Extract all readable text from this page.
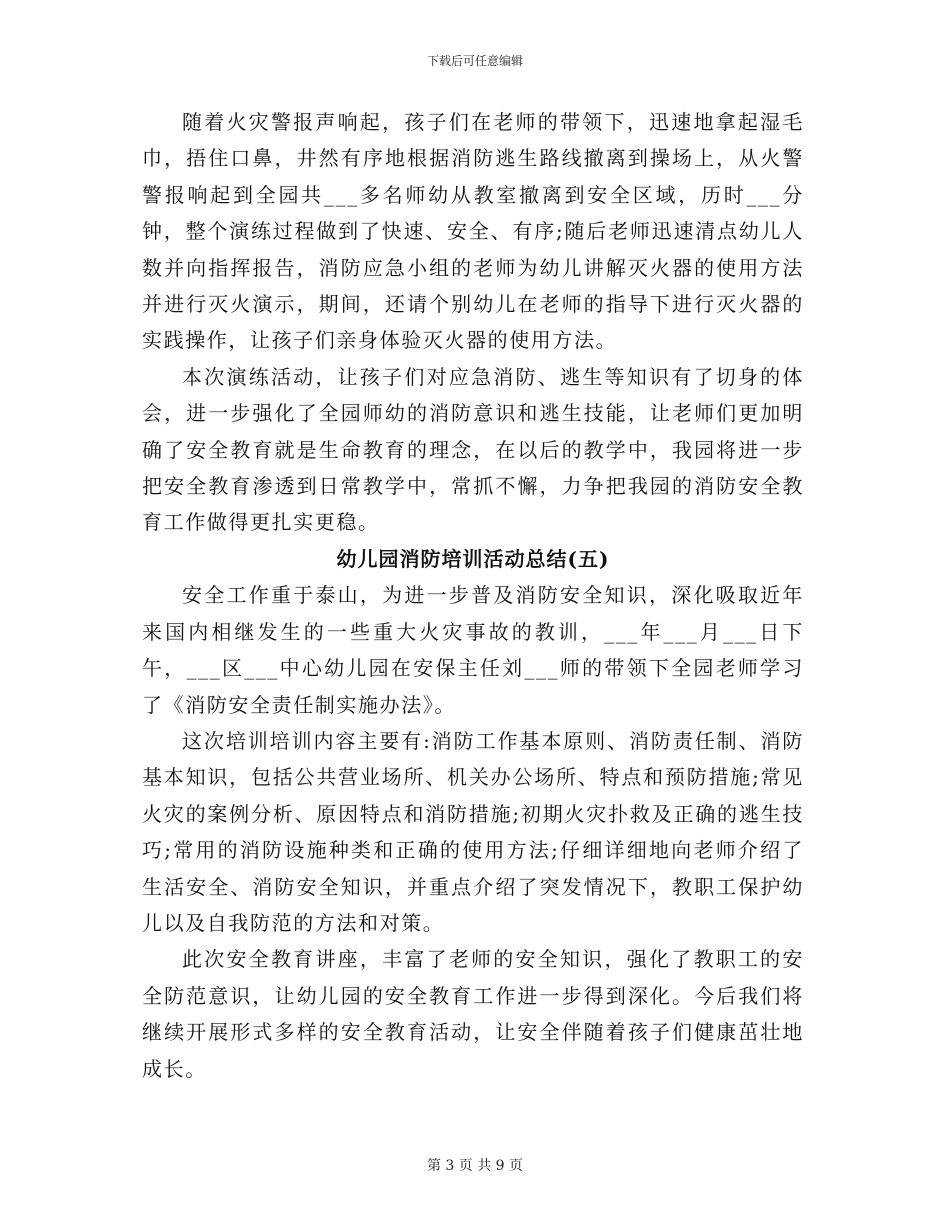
下载后可任意编辑

随着火灾警报声响起，孩子们在老师的带领下，迅速地拿起湿毛巾，捂住口鼻，井然有序地根据消防逃生路线撤离到操场上，从火警警报响起到全园共___多名师幼从教室撤离到安全区域，历时___分钟，整个演练过程做到了快速、安全、有序;随后老师迅速清点幼儿人数并向指挥报告，消防应急小组的老师为幼儿讲解灭火器的使用方法并进行灭火演示，期间，还请个别幼儿在老师的指导下进行灭火器的实践操作，让孩子们亲身体验灭火器的使用方法。

本次演练活动，让孩子们对应急消防、逃生等知识有了切身的体会，进一步强化了全园师幼的消防意识和逃生技能，让老师们更加明确了安全教育就是生命教育的理念，在以后的教学中，我园将进一步把安全教育渗透到日常教学中，常抓不懈，力争把我园的消防安全教育工作做得更扎实更稳。

幼儿园消防培训活动总结(五)

安全工作重于泰山，为进一步普及消防安全知识，深化吸取近年来国内相继发生的一些重大火灾事故的教训，___年___月___日下午，___区___中心幼儿园在安保主任刘___师的带领下全园老师学习了《消防安全责任制实施办法》。

这次培训培训内容主要有:消防工作基本原则、消防责任制、消防基本知识，包括公共营业场所、机关办公场所、特点和预防措施;常见火灾的案例分析、原因特点和消防措施;初期火灾扑救及正确的逃生技巧;常用的消防设施种类和正确的使用方法;仔细详细地向老师介绍了生活安全、消防安全知识，并重点介绍了突发情况下，教职工保护幼儿以及自我防范的方法和对策。

此次安全教育讲座，丰富了老师的安全知识，强化了教职工的安全防范意识，让幼儿园的安全教育工作进一步得到深化。今后我们将继续开展形式多样的安全教育活动，让安全伴随着孩子们健康茁壮地成长。

第 3 页 共 9 页
